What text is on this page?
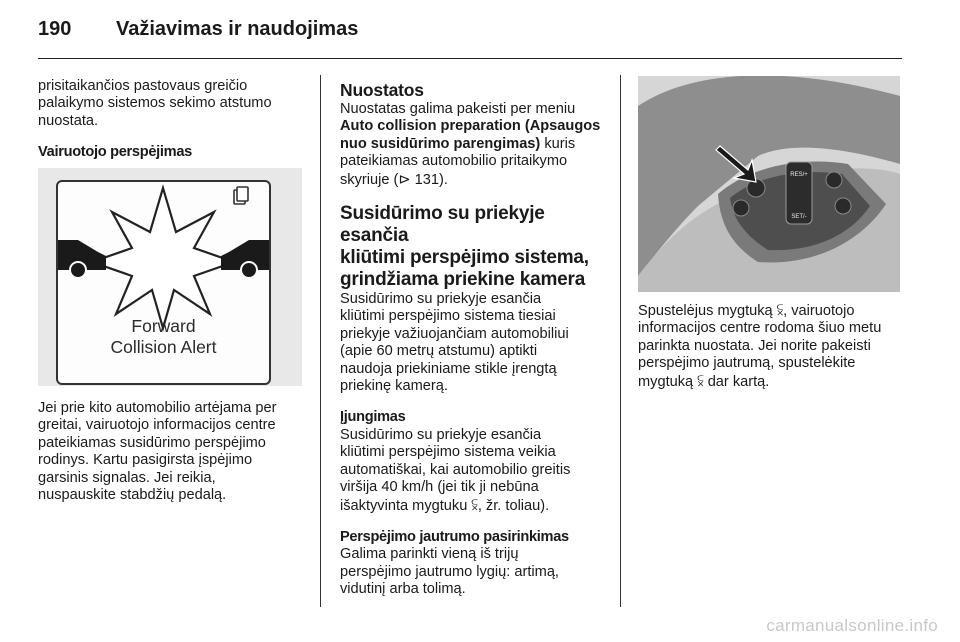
190 Važiavimas ir naudojimas

prisitaikančios pastovaus greičio
palaikymo sistemos sekimo atstumo
nuostata.

Vairuotojo perspėjimas
Forward
Collision Alert

Jei prie kito automobilio artėjama per
greitai, vairuotojo informacijos centre
pateikiamas susidūrimo perspėjimo
rodinys. Kartu pasigirsta įspėjimo
garsinis signalas. Jei reikia,
nuspauskite stabdžių pedalą.

Nuostatos

Nuostatas galima pakeisti per meniu
Auto collision preparation (Apsaugos
nuo susidūrimo parengimas) kuris
pateikiamas automobilio pritaikymo
skyriuje (⊳ 131).

Susidūrimo su priekyje esančia
kliūtimi perspėjimo sistema,
grindžiama priekine kamera

Susidūrimo su priekyje esančia
kliūtimi perspėjimo sistema tiesiai
priekyje važiuojančiam automobiliui
(apie 60 metrų atstumu) aptikti
naudoja priekiniame stikle įrengtą
priekinę kamerą.

Įjungimas

Susidūrimo su priekyje esančia
kliūtimi perspėjimo sistema veikia
automatiškai, kai automobilio greitis
viršija 40 km/h (jei tik ji nebūna
išaktyvinta mygtuku ⫁, žr. toliau).

Perspėjimo jautrumo pasirinkimas

Galima parinkti vieną iš trijų
perspėjimo jautrumo lygių: artimą,
vidutinį arba tolimą.

RES/+
SET/-

Spustelėjus mygtuką ⫁, vairuotojo
informacijos centre rodoma šiuo metu
parinkta nuostata. Jei norite pakeisti
perspėjimo jautrumą, spustelėkite
mygtuką ⫁ dar kartą.

carmanualsonline.info
